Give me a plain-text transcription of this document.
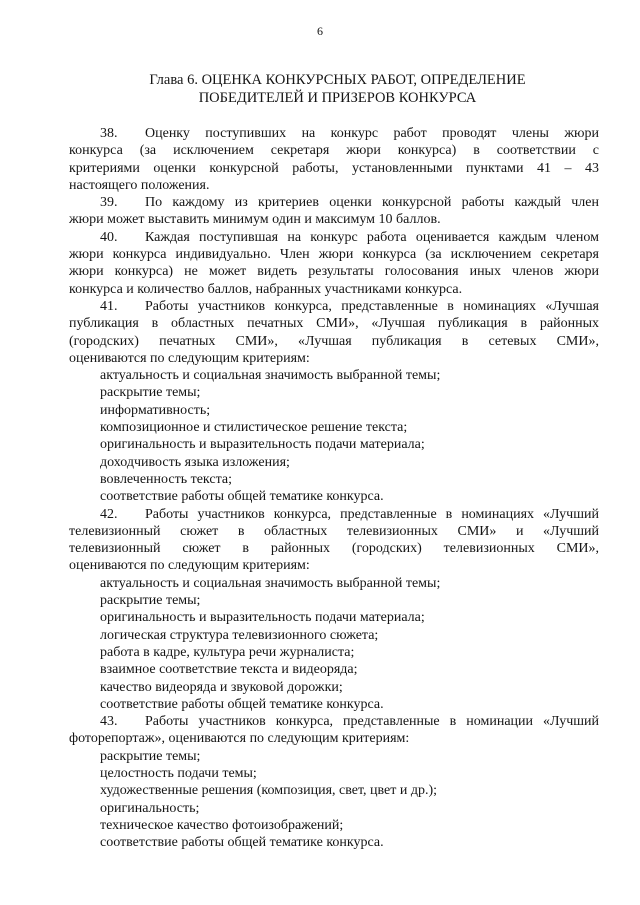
6
Глава 6. ОЦЕНКА КОНКУРСНЫХ РАБОТ, ОПРЕДЕЛЕНИЕ
ПОБЕДИТЕЛЕЙ И ПРИЗЕРОВ КОНКУРСА
38. Оценку поступивших на конкурс работ проводят члены жюри
конкурса (за исключением секретаря жюри конкурса) в соответствии с
критериями оценки конкурсной работы, установленными пунктами 41 – 43
настоящего положения.
39. По каждому из критериев оценки конкурсной работы каждый член
жюри может выставить минимум один и максимум 10 баллов.
40. Каждая поступившая на конкурс работа оценивается каждым членом
жюри конкурса индивидуально. Член жюри конкурса (за исключением секретаря
жюри конкурса) не может видеть результаты голосования иных членов жюри
конкурса и количество баллов, набранных участниками конкурса.
41. Работы участников конкурса, представленные в номинациях «Лучшая
публикация в областных печатных СМИ», «Лучшая публикация в районных
(городских) печатных СМИ», «Лучшая публикация в сетевых СМИ»,
оцениваются по следующим критериям:
актуальность и социальная значимость выбранной темы;
раскрытие темы;
информативность;
композиционное и стилистическое решение текста;
оригинальность и выразительность подачи материала;
доходчивость языка изложения;
вовлеченность текста;
соответствие работы общей тематике конкурса.
42. Работы участников конкурса, представленные в номинациях «Лучший
телевизионный сюжет в областных телевизионных СМИ» и «Лучший
телевизионный сюжет в районных (городских) телевизионных СМИ»,
оцениваются по следующим критериям:
актуальность и социальная значимость выбранной темы;
раскрытие темы;
оригинальность и выразительность подачи материала;
логическая структура телевизионного сюжета;
работа в кадре, культура речи журналиста;
взаимное соответствие текста и видеоряда;
качество видеоряда и звуковой дорожки;
соответствие работы общей тематике конкурса.
43. Работы участников конкурса, представленные в номинации «Лучший
фоторепортаж», оцениваются по следующим критериям:
раскрытие темы;
целостность подачи темы;
художественные решения (композиция, свет, цвет и др.);
оригинальность;
техническое качество фотоизображений;
соответствие работы общей тематике конкурса.
